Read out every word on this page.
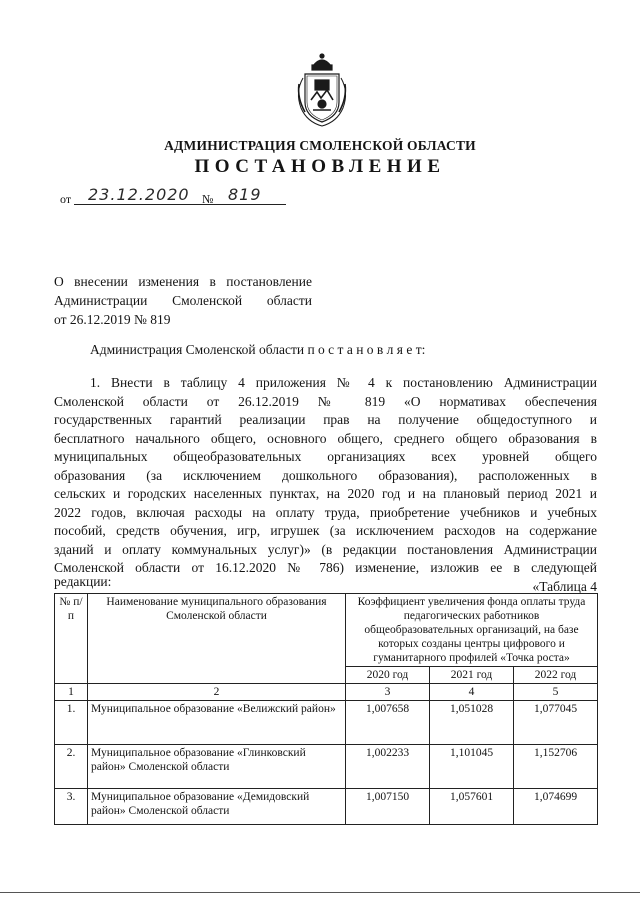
АДМИНИСТРАЦИЯ СМОЛЕНСКОЙ ОБЛАСТИ
ПОСТАНОВЛЕНИЕ
от 23.12.2020 № 819
О внесении изменения в постановление
Администрации Смоленской области
от 26.12.2019 № 819
Администрация Смоленской области п о с т а н о в л я е т:
1. Внести в таблицу 4 приложения № 4 к постановлению Администрации
Смоленской области от 26.12.2019 № 819 «О нормативах обеспечения
государственных гарантий реализации прав на получение общедоступного и
бесплатного начального общего, основного общего, среднего общего образования в
муниципальных общеобразовательных организациях всех уровней общего
образования (за исключением дошкольного образования), расположенных в
сельских и городских населенных пунктах, на 2020 год и на плановый период 2021 и
2022 годов, включая расходы на оплату труда, приобретение учебников и учебных
пособий, средств обучения, игр, игрушек (за исключением расходов на содержание
зданий и оплату коммунальных услуг)» (в редакции постановления Администрации
Смоленской области от 16.12.2020 № 786) изменение, изложив ее в следующей
редакции:	«Таблица 4
№ п/п	Наименование муниципального образования Смоленской области	Коэффициент увеличения фонда оплаты труда педагогических работников общеобразовательных организаций, на базе которых созданы центры цифрового и гуманитарного профилей «Точка роста»		
		2020 год	2021 год	2022 год
1	2	3	4	5
1.	Муниципальное образование «Велижский район»	1,007658	1,051028	1,077045
2.	Муниципальное образование «Глинковский район» Смоленской области	1,002233	1,101045	1,152706
3.	Муниципальное образование «Демидовский район» Смоленской области	1,007150	1,057601	1,074699
